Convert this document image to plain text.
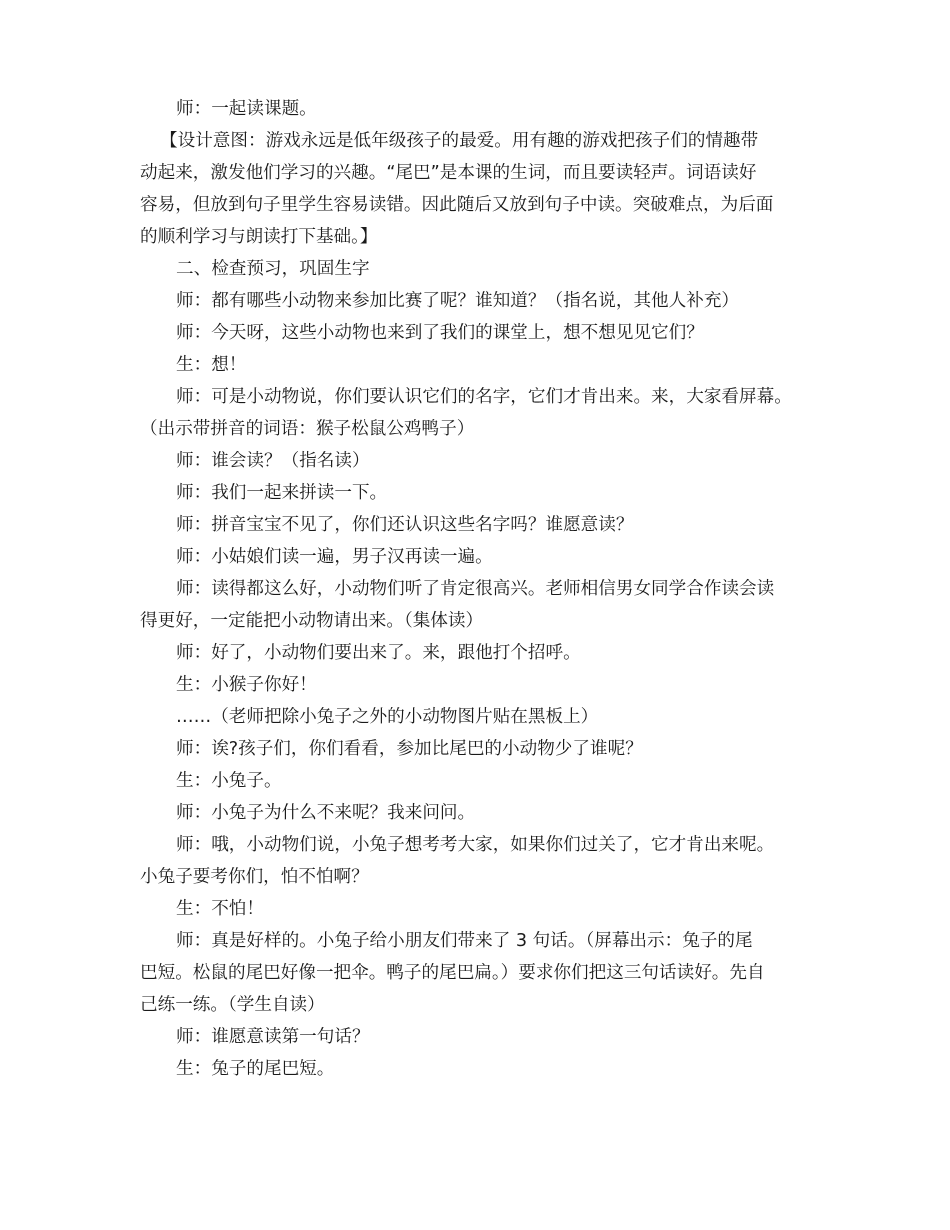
师：一起读课题。
【设计意图：游戏永远是低年级孩子的最爱。用有趣的游戏把孩子们的情趣带
动起来，激发他们学习的兴趣。“尾巴”是本课的生词，而且要读轻声。词语读好
容易，但放到句子里学生容易读错。因此随后又放到句子中读。突破难点，为后面
的顺利学习与朗读打下基础。】
二、检查预习，巩固生字
师：都有哪些小动物来参加比赛了呢？谁知道？（指名说，其他人补充）
师：今天呀，这些小动物也来到了我们的课堂上，想不想见见它们？
生：想！
师：可是小动物说，你们要认识它们的名字，它们才肯出来。来，大家看屏幕。
（出示带拼音的词语：猴子松鼠公鸡鸭子）
师：谁会读？（指名读）
师：我们一起来拼读一下。
师：拼音宝宝不见了，你们还认识这些名字吗？谁愿意读？
师：小姑娘们读一遍，男子汉再读一遍。
师：读得都这么好，小动物们听了肯定很高兴。老师相信男女同学合作读会读
得更好，一定能把小动物请出来。（集体读）
师：好了，小动物们要出来了。来，跟他打个招呼。
生：小猴子你好！
……（老师把除小兔子之外的小动物图片贴在黑板上）
师：诶?孩子们，你们看看，参加比尾巴的小动物少了谁呢？
生：小兔子。
师：小兔子为什么不来呢？我来问问。
师：哦，小动物们说，小兔子想考考大家，如果你们过关了，它才肯出来呢。
小兔子要考你们，怕不怕啊？
生：不怕！
师：真是好样的。小兔子给小朋友们带来了 3 句话。（屏幕出示：兔子的尾
巴短。松鼠的尾巴好像一把伞。鸭子的尾巴扁。）要求你们把这三句话读好。先自
己练一练。（学生自读）
师：谁愿意读第一句话？
生：兔子的尾巴短。
